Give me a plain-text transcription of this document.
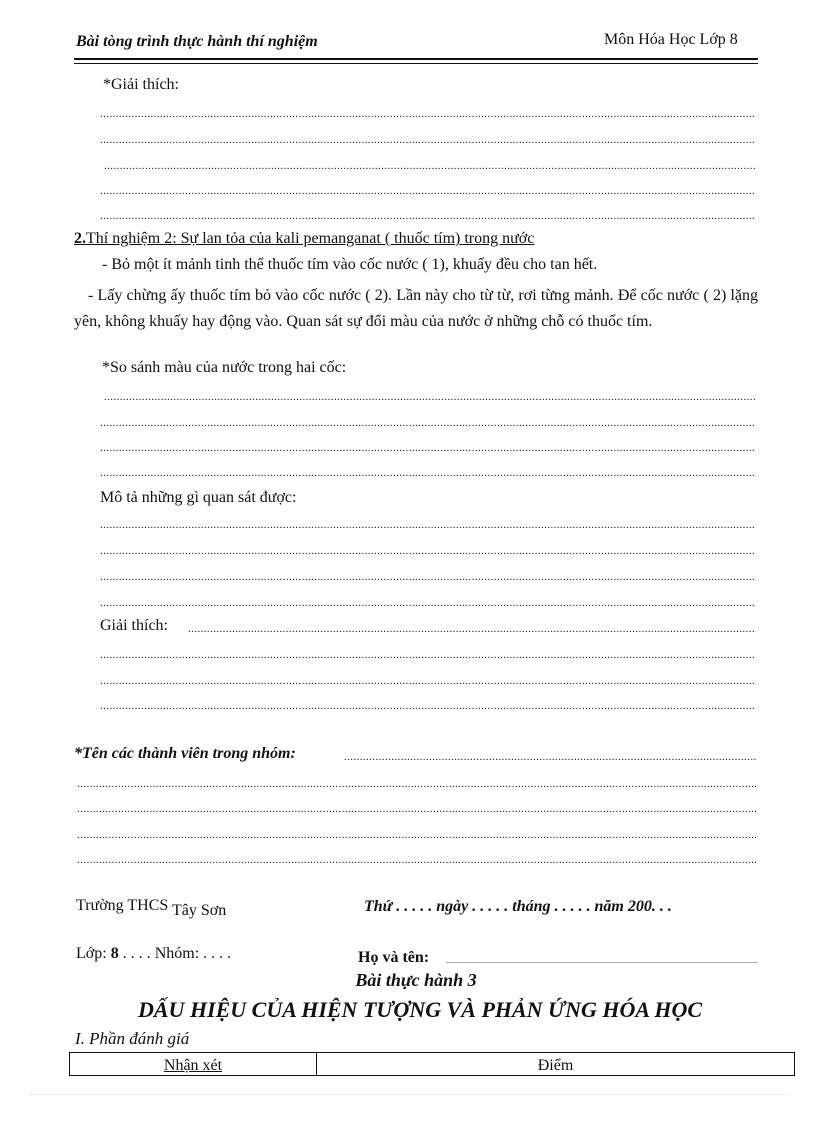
Bài tòng trình thực hành thí nghiệm	Môn Hóa Học Lớp 8
*Giải thích:
.....
.....
.....
.....
.....
2.Thí nghiệm 2: Sự lan tỏa của kali pemanganat ( thuốc tím) trong nước
- Bỏ một ít mảnh tinh thể thuốc tím vào cốc nước ( 1), khuấy đều cho tan hết.
- Lấy chừng ấy thuốc tím bỏ vào cốc nước ( 2). Lần này cho từ từ, rơi từng mảnh. Để cốc nước ( 2) lặng yên, không khuấy hay động vào. Quan sát sự đổi màu của nước ở những chỗ có thuốc tím.
*So sánh màu của nước trong hai cốc:
.....
.....
.....
.....
Mô tả những gì quan sát được:
.....
.....
.....
.....
Giải thích:
.....
.....
.....
.....
*Tên các thành viên trong nhóm:
.....
.....
.....
.....
.....
Trường THCS Tây Sơn	Thứ . . . . . ngày . . . . . tháng . . . . . năm 200. . .
Lớp: 8 . . . . Nhóm: . . . .	Họ và tên:
.....
Bài thực hành 3
DẤU HIỆU CỦA HIỆN TƯỢNG VÀ PHẢN ỨNG HÓA HỌC
I. Phần đánh giá
Nhận xét	Điểm
